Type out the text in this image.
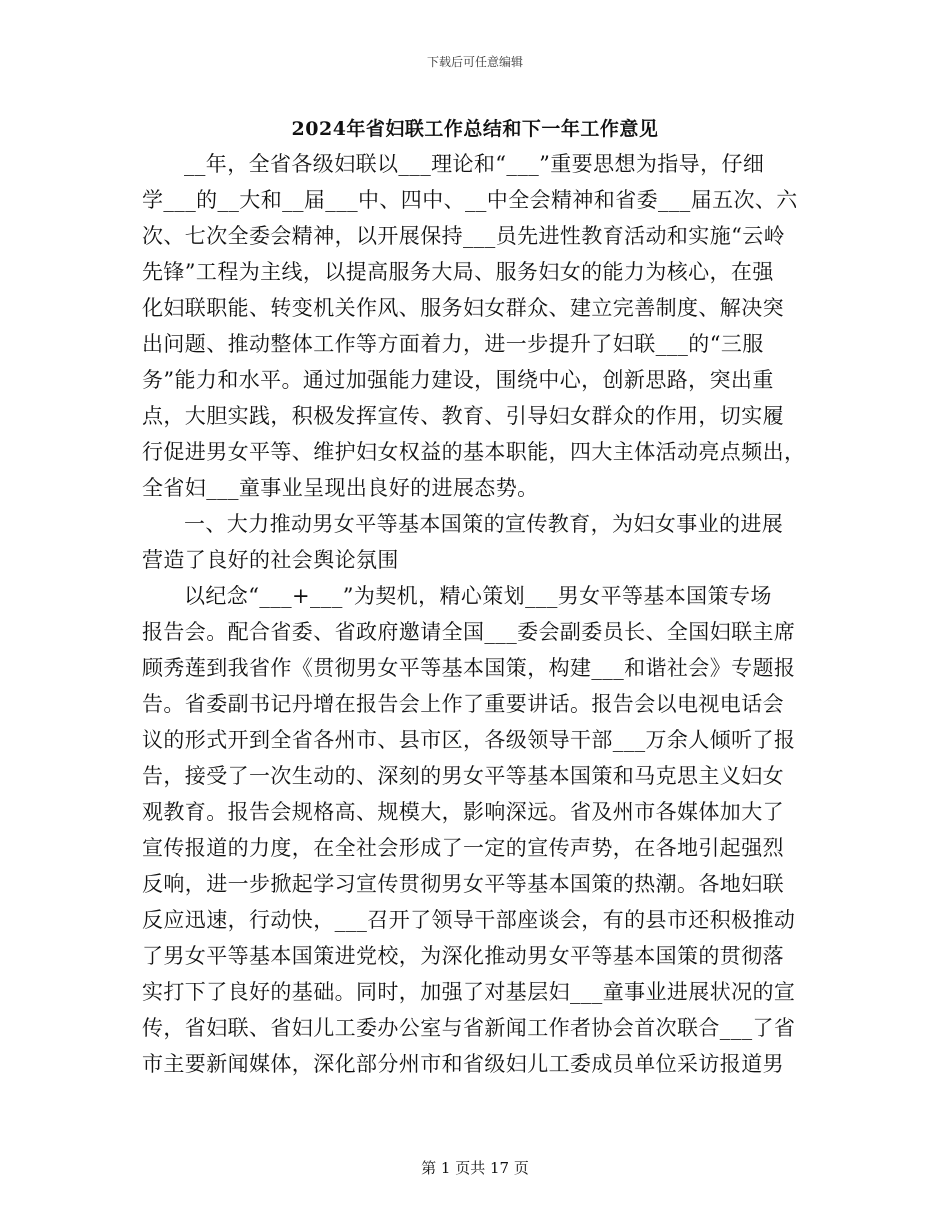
下载后可任意编辑
2024年省妇联工作总结和下一年工作意见
__年，全省各级妇联以___理论和“___”重要思想为指导，仔细
学___的__大和__届___中、四中、__中全会精神和省委___届五次、六
次、七次全委会精神，以开展保持___员先进性教育活动和实施“云岭
先锋”工程为主线，以提高服务大局、服务妇女的能力为核心，在强
化妇联职能、转变机关作风、服务妇女群众、建立完善制度、解决突
出问题、推动整体工作等方面着力，进一步提升了妇联___的“三服
务”能力和水平。通过加强能力建设，围绕中心，创新思路，突出重
点，大胆实践，积极发挥宣传、教育、引导妇女群众的作用，切实履
行促进男女平等、维护妇女权益的基本职能，四大主体活动亮点频出，
全省妇___童事业呈现出良好的进展态势。
一、大力推动男女平等基本国策的宣传教育，为妇女事业的进展
营造了良好的社会舆论氛围
以纪念“___+___”为契机，精心策划___男女平等基本国策专场
报告会。配合省委、省政府邀请全国___委会副委员长、全国妇联主席
顾秀莲到我省作《贯彻男女平等基本国策，构建___和谐社会》专题报
告。省委副书记丹增在报告会上作了重要讲话。报告会以电视电话会
议的形式开到全省各州市、县市区，各级领导干部___万余人倾听了报
告，接受了一次生动的、深刻的男女平等基本国策和马克思主义妇女
观教育。报告会规格高、规模大，影响深远。省及州市各媒体加大了
宣传报道的力度，在全社会形成了一定的宣传声势，在各地引起强烈
反响，进一步掀起学习宣传贯彻男女平等基本国策的热潮。各地妇联
反应迅速，行动快，___召开了领导干部座谈会，有的县市还积极推动
了男女平等基本国策进党校，为深化推动男女平等基本国策的贯彻落
实打下了良好的基础。同时，加强了对基层妇___童事业进展状况的宣
传，省妇联、省妇儿工委办公室与省新闻工作者协会首次联合___了省
市主要新闻媒体，深化部分州市和省级妇儿工委成员单位采访报道男
第 1 页共 17 页
